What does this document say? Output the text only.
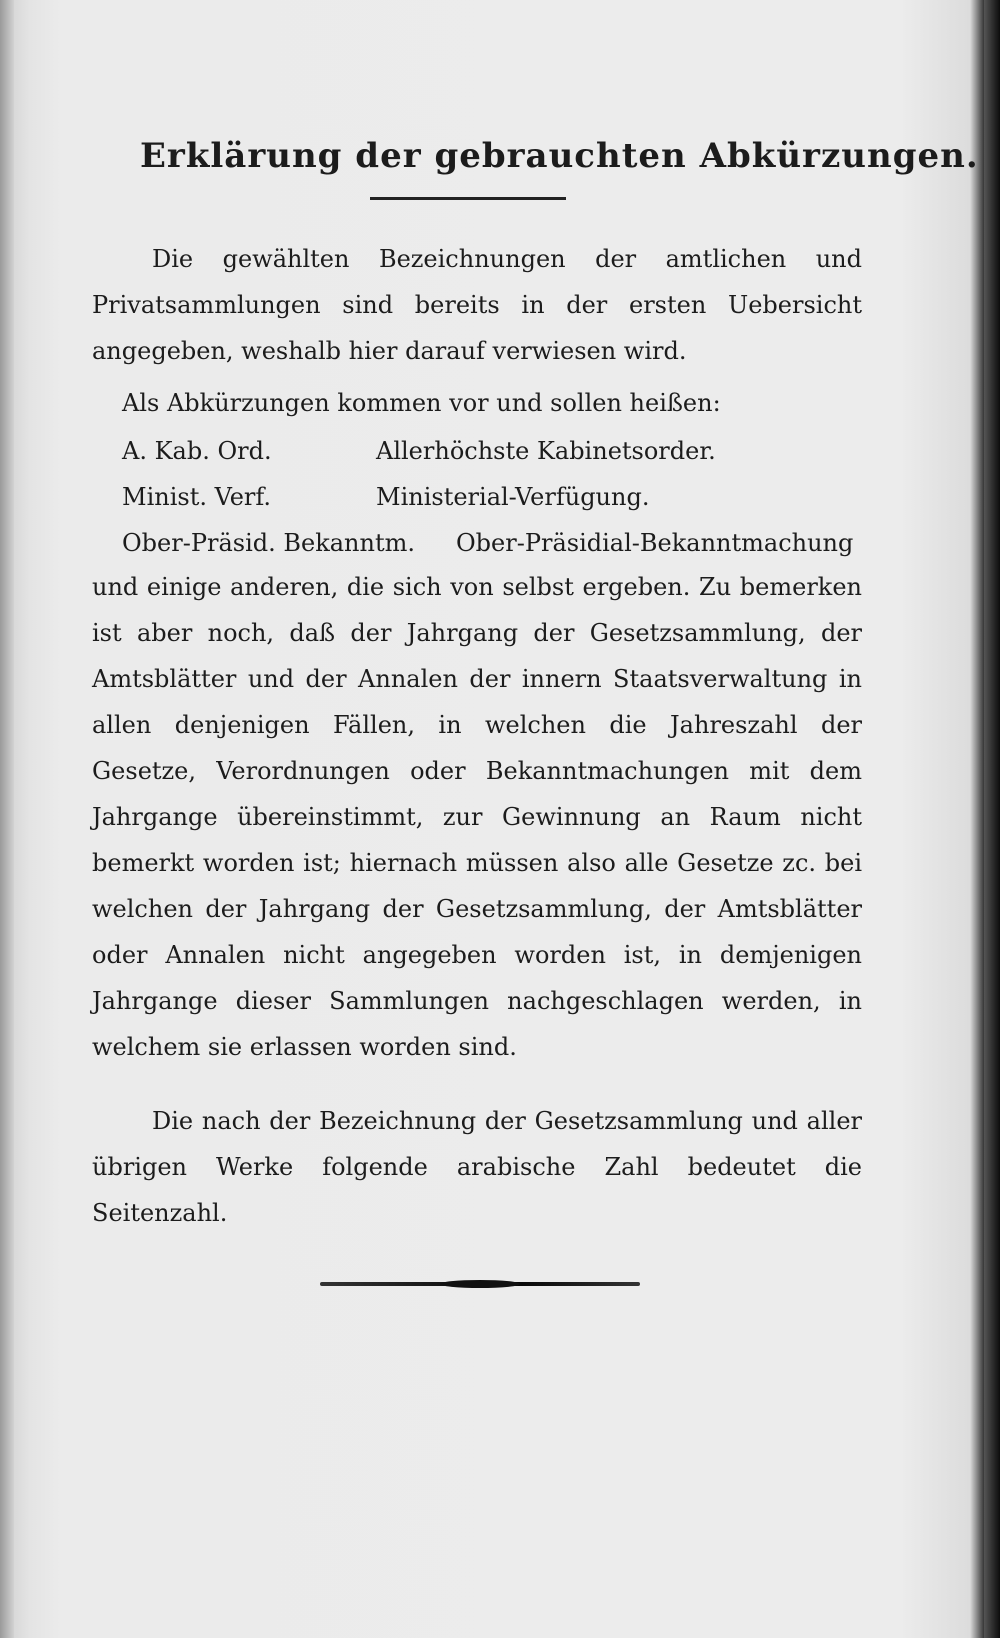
Erklärung der gebrauchten Abkürzungen.
Die gewählten Bezeichnungen der amtlichen und Privatsammlungen sind bereits in der ersten Uebersicht angegeben, weshalb hier darauf verwiesen wird.
Als Abkürzungen kommen vor und sollen heißen:
A. Kab. Ord.	Allerhöchste Kabinetsorder.
Minist. Verf.	Ministerial-Verfügung.
Ober-Präsid. Bekanntm. Ober-Präsidial-Bekanntmachung
und einige anderen, die sich von selbst ergeben. Zu bemerken ist aber noch, daß der Jahrgang der Gesetzsammlung, der Amtsblätter und der Annalen der innern Staatsverwaltung in allen denjenigen Fällen, in welchen die Jahreszahl der Gesetze, Verordnungen oder Bekanntmachungen mit dem Jahrgange übereinstimmt, zur Gewinnung an Raum nicht bemerkt worden ist; hiernach müssen also alle Gesetze zc. bei welchen der Jahrgang der Gesetzsammlung, der Amtsblätter oder Annalen nicht angegeben worden ist, in demjenigen Jahrgange dieser Sammlungen nachgeschlagen werden, in welchem sie erlassen worden sind.
Die nach der Bezeichnung der Gesetzsammlung und aller übrigen Werke folgende arabische Zahl bedeutet die Seitenzahl.
